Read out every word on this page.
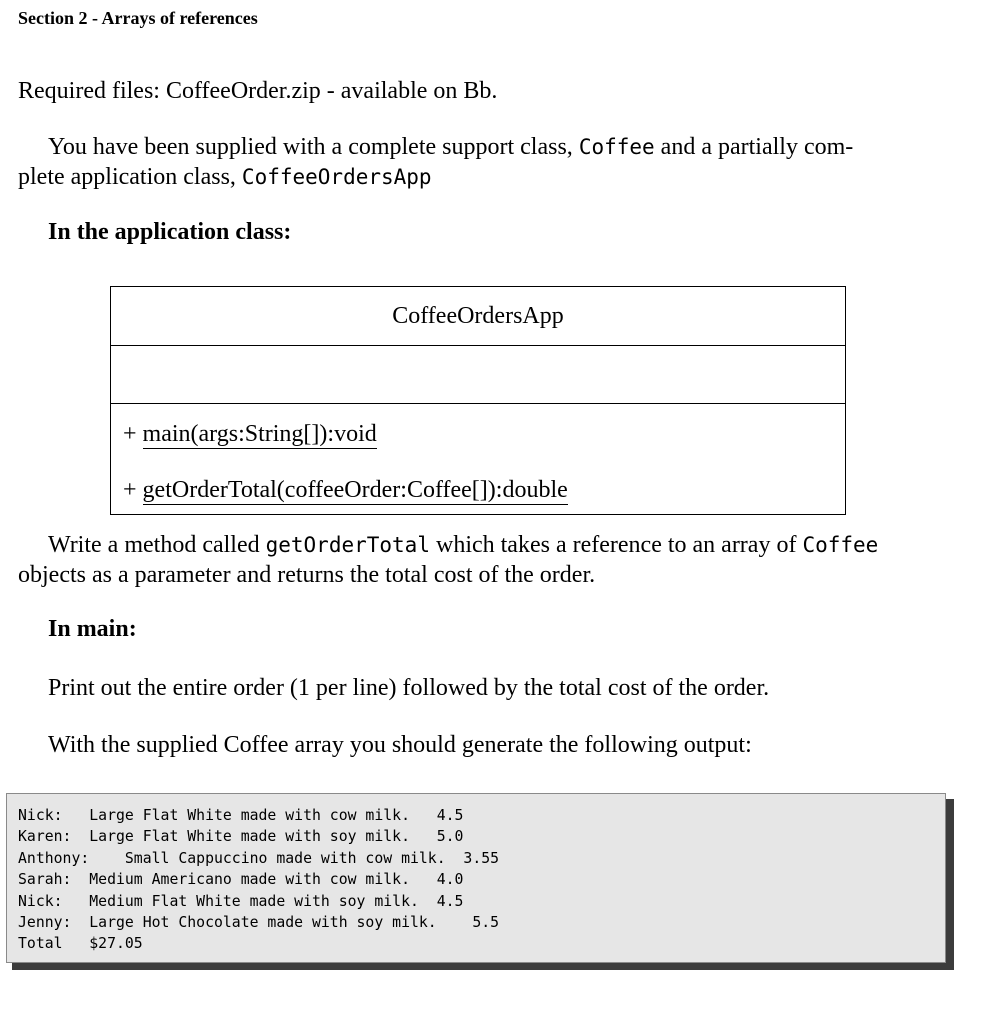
Section 2 - Arrays of references
Required files: CoffeeOrder.zip - available on Bb.
You have been supplied with a complete support class, Coffee and a partially com-
plete application class, CoffeeOrdersApp
In the application class:
CoffeeOrdersApp
+ main(args:String[]):void
+ getOrderTotal(coffeeOrder:Coffee[]):double
Write a method called getOrderTotal which takes a reference to an array of Coffee
objects as a parameter and returns the total cost of the order.
In main:
Print out the entire order (1 per line) followed by the total cost of the order.
With the supplied Coffee array you should generate the following output:
Nick:   Large Flat White made with cow milk.   4.5
Karen:  Large Flat White made with soy milk.   5.0
Anthony:    Small Cappuccino made with cow milk.  3.55
Sarah:  Medium Americano made with cow milk.   4.0
Nick:   Medium Flat White made with soy milk.  4.5
Jenny:  Large Hot Chocolate made with soy milk.    5.5
Total   $27.05
